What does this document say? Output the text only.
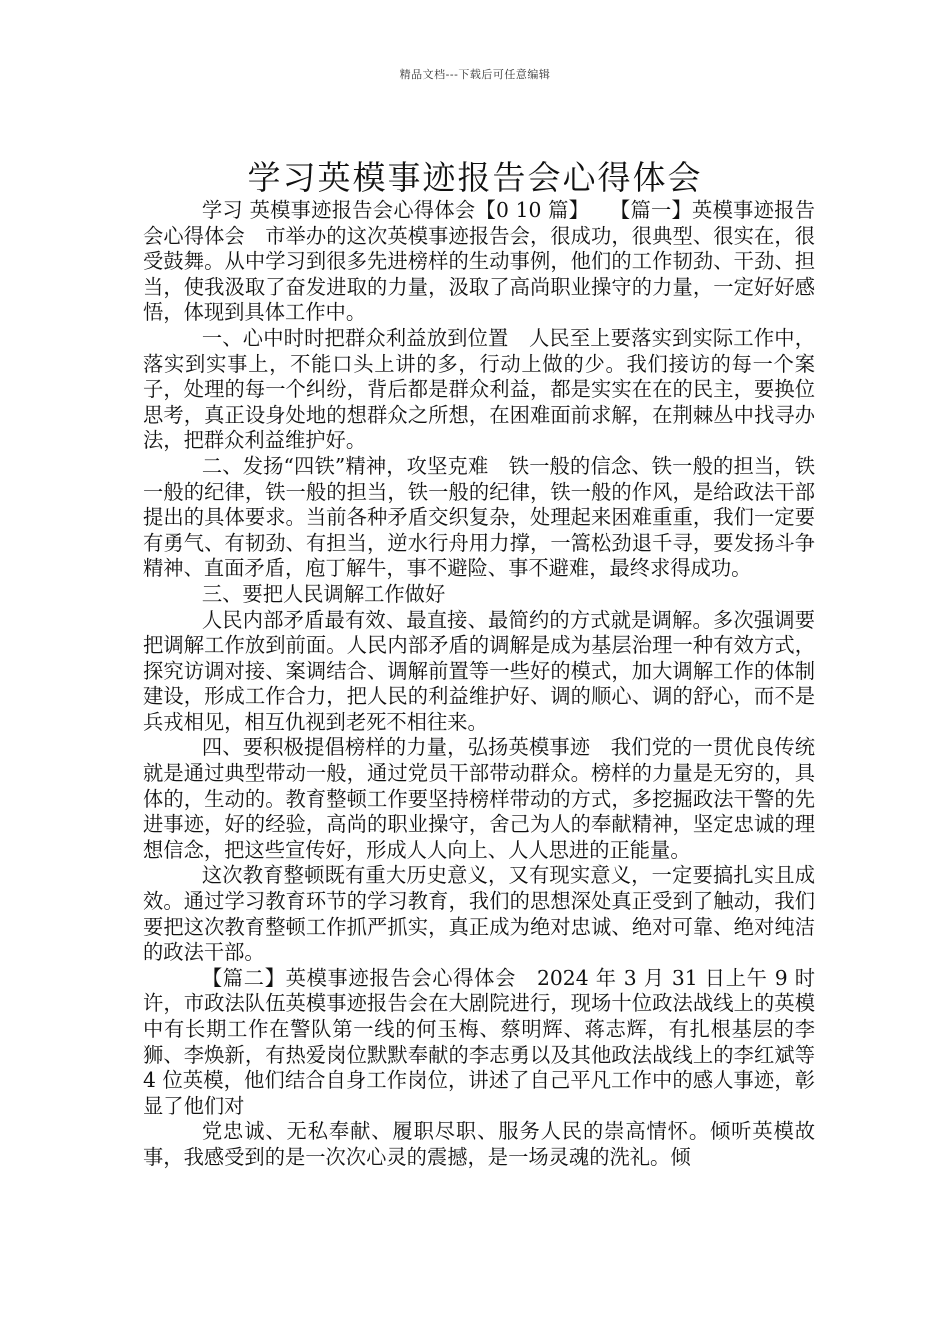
精品文档---下载后可任意编辑
学习英模事迹报告会心得体会

学习 英模事迹报告会心得体会【0 10 篇】　　【篇一】英模事迹报告会心得体会　市举办的这次英模事迹报告会，很成功，很典型、很实在，很受鼓舞。从中学习到很多先进榜样的生动事例，他们的工作韧劲、干劲、担当，使我汲取了奋发进取的力量，汲取了高尚职业操守的力量，一定好好感悟，体现到具体工作中。

一、心中时时把群众利益放到位置　人民至上要落实到实际工作中，落实到实事上，不能口头上讲的多，行动上做的少。我们接访的每一个案子，处理的每一个纠纷，背后都是群众利益，都是实实在在的民主，要换位思考，真正设身处地的想群众之所想，在困难面前求解，在荆棘丛中找寻办法，把群众利益维护好。

二、发扬“四铁”精神，攻坚克难　铁一般的信念、铁一般的担当，铁一般的纪律，铁一般的担当，铁一般的纪律，铁一般的作风，是给政法干部提出的具体要求。当前各种矛盾交织复杂，处理起来困难重重，我们一定要有勇气、有韧劲、有担当，逆水行舟用力撑，一篙松劲退千寻，要发扬斗争精神、直面矛盾，庖丁解牛，事不避险、事不避难，最终求得成功。

三、要把人民调解工作做好

人民内部矛盾最有效、最直接、最简约的方式就是调解。多次强调要把调解工作放到前面。人民内部矛盾的调解是成为基层治理一种有效方式，探究访调对接、案调结合、调解前置等一些好的模式，加大调解工作的体制建设，形成工作合力，把人民的利益维护好、调的顺心、调的舒心，而不是兵戎相见，相互仇视到老死不相往来。

四、要积极提倡榜样的力量，弘扬英模事迹　我们党的一贯优良传统就是通过典型带动一般，通过党员干部带动群众。榜样的力量是无穷的，具体的，生动的。教育整顿工作要坚持榜样带动的方式，多挖掘政法干警的先进事迹，好的经验，高尚的职业操守，舍己为人的奉献精神，坚定忠诚的理想信念，把这些宣传好，形成人人向上、人人思进的正能量。

这次教育整顿既有重大历史意义，又有现实意义，一定要搞扎实且成效。通过学习教育环节的学习教育，我们的思想深处真正受到了触动，我们要把这次教育整顿工作抓严抓实，真正成为绝对忠诚、绝对可靠、绝对纯洁的政法干部。

【篇二】英模事迹报告会心得体会　2024 年 3 月 31 日上午 9 时许，市政法队伍英模事迹报告会在大剧院进行，现场十位政法战线上的英模中有长期工作在警队第一线的何玉梅、蔡明辉、蒋志辉，有扎根基层的李狮、李焕新，有热爱岗位默默奉献的李志勇以及其他政法战线上的李红斌等 4 位英模，他们结合自身工作岗位，讲述了自己平凡工作中的感人事迹，彰显了他们对

党忠诚、无私奉献、履职尽职、服务人民的崇高情怀。倾听英模故事，我感受到的是一次次心灵的震撼，是一场灵魂的洗礼。倾
